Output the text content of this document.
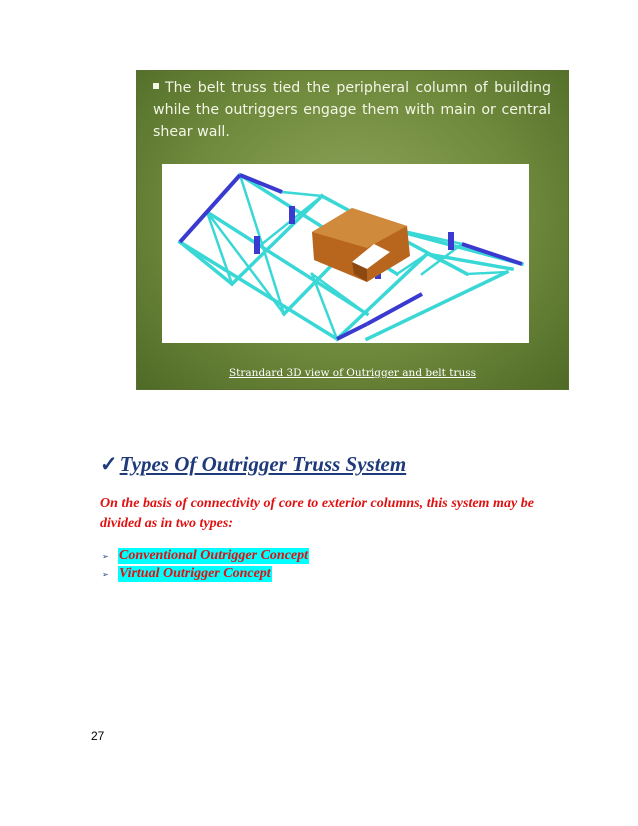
The belt truss tied the peripheral column of building while the outriggers engage them with main or central shear wall.
Strandard 3D view of Outrigger and belt truss
✓Types Of Outrigger Truss System
On the basis of connectivity of core to exterior columns, this system may be divided as in two types:
➢ Conventional Outrigger Concept
➢ Virtual Outrigger Concept
27
